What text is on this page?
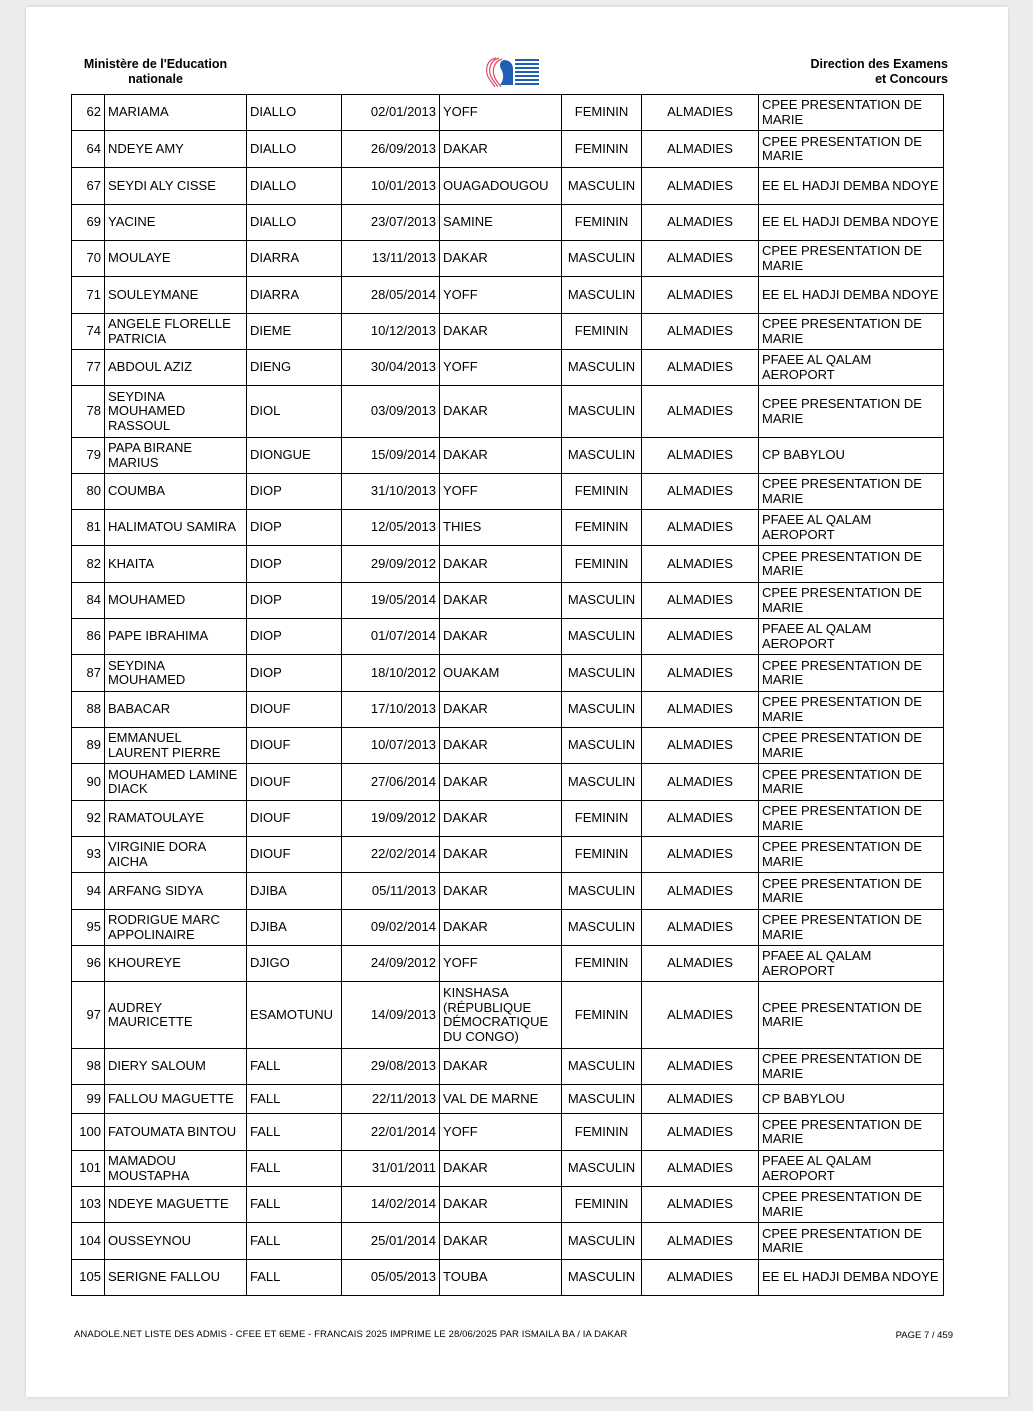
Ministère de l'Education
nationale
Direction des Examens
et Concours
62	MARIAMA	DIALLO	02/01/2013	YOFF	FEMININ	ALMADIES	CPEE PRESENTATION DE MARIE
64	NDEYE AMY	DIALLO	26/09/2013	DAKAR	FEMININ	ALMADIES	CPEE PRESENTATION DE MARIE
67	SEYDI ALY CISSE	DIALLO	10/01/2013	OUAGADOUGOU	MASCULIN	ALMADIES	EE EL HADJI DEMBA NDOYE
69	YACINE	DIALLO	23/07/2013	SAMINE	FEMININ	ALMADIES	EE EL HADJI DEMBA NDOYE
70	MOULAYE	DIARRA	13/11/2013	DAKAR	MASCULIN	ALMADIES	CPEE PRESENTATION DE MARIE
71	SOULEYMANE	DIARRA	28/05/2014	YOFF	MASCULIN	ALMADIES	EE EL HADJI DEMBA NDOYE
74	ANGELE FLORELLE PATRICIA	DIEME	10/12/2013	DAKAR	FEMININ	ALMADIES	CPEE PRESENTATION DE MARIE
77	ABDOUL AZIZ	DIENG	30/04/2013	YOFF	MASCULIN	ALMADIES	PFAEE AL QALAM AEROPORT
78	SEYDINA MOUHAMED RASSOUL	DIOL	03/09/2013	DAKAR	MASCULIN	ALMADIES	CPEE PRESENTATION DE MARIE
79	PAPA BIRANE MARIUS	DIONGUE	15/09/2014	DAKAR	MASCULIN	ALMADIES	CP BABYLOU
80	COUMBA	DIOP	31/10/2013	YOFF	FEMININ	ALMADIES	CPEE PRESENTATION DE MARIE
81	HALIMATOU SAMIRA	DIOP	12/05/2013	THIES	FEMININ	ALMADIES	PFAEE AL QALAM AEROPORT
82	KHAITA	DIOP	29/09/2012	DAKAR	FEMININ	ALMADIES	CPEE PRESENTATION DE MARIE
84	MOUHAMED	DIOP	19/05/2014	DAKAR	MASCULIN	ALMADIES	CPEE PRESENTATION DE MARIE
86	PAPE IBRAHIMA	DIOP	01/07/2014	DAKAR	MASCULIN	ALMADIES	PFAEE AL QALAM AEROPORT
87	SEYDINA MOUHAMED	DIOP	18/10/2012	OUAKAM	MASCULIN	ALMADIES	CPEE PRESENTATION DE MARIE
88	BABACAR	DIOUF	17/10/2013	DAKAR	MASCULIN	ALMADIES	CPEE PRESENTATION DE MARIE
89	EMMANUEL LAURENT PIERRE	DIOUF	10/07/2013	DAKAR	MASCULIN	ALMADIES	CPEE PRESENTATION DE MARIE
90	MOUHAMED LAMINE DIACK	DIOUF	27/06/2014	DAKAR	MASCULIN	ALMADIES	CPEE PRESENTATION DE MARIE
92	RAMATOULAYE	DIOUF	19/09/2012	DAKAR	FEMININ	ALMADIES	CPEE PRESENTATION DE MARIE
93	VIRGINIE DORA AICHA	DIOUF	22/02/2014	DAKAR	FEMININ	ALMADIES	CPEE PRESENTATION DE MARIE
94	ARFANG SIDYA	DJIBA	05/11/2013	DAKAR	MASCULIN	ALMADIES	CPEE PRESENTATION DE MARIE
95	RODRIGUE MARC APPOLINAIRE	DJIBA	09/02/2014	DAKAR	MASCULIN	ALMADIES	CPEE PRESENTATION DE MARIE
96	KHOUREYE	DJIGO	24/09/2012	YOFF	FEMININ	ALMADIES	PFAEE AL QALAM AEROPORT
97	AUDREY MAURICETTE	ESAMOTUNU	14/09/2013	KINSHASA (RÉPUBLIQUE DÉMOCRATIQUE DU CONGO)	FEMININ	ALMADIES	CPEE PRESENTATION DE MARIE
98	DIERY SALOUM	FALL	29/08/2013	DAKAR	MASCULIN	ALMADIES	CPEE PRESENTATION DE MARIE
99	FALLOU MAGUETTE	FALL	22/11/2013	VAL DE MARNE	MASCULIN	ALMADIES	CP BABYLOU
100	FATOUMATA BINTOU	FALL	22/01/2014	YOFF	FEMININ	ALMADIES	CPEE PRESENTATION DE MARIE
101	MAMADOU MOUSTAPHA	FALL	31/01/2011	DAKAR	MASCULIN	ALMADIES	PFAEE AL QALAM AEROPORT
103	NDEYE MAGUETTE	FALL	14/02/2014	DAKAR	FEMININ	ALMADIES	CPEE PRESENTATION DE MARIE
104	OUSSEYNOU	FALL	25/01/2014	DAKAR	MASCULIN	ALMADIES	CPEE PRESENTATION DE MARIE
105	SERIGNE FALLOU	FALL	05/05/2013	TOUBA	MASCULIN	ALMADIES	EE EL HADJI DEMBA NDOYE
ANADOLE.NET LISTE DES ADMIS - CFEE ET 6EME - FRANCAIS 2025 IMPRIME LE 28/06/2025 PAR ISMAILA BA / IA DAKAR	PAGE 7 / 459
